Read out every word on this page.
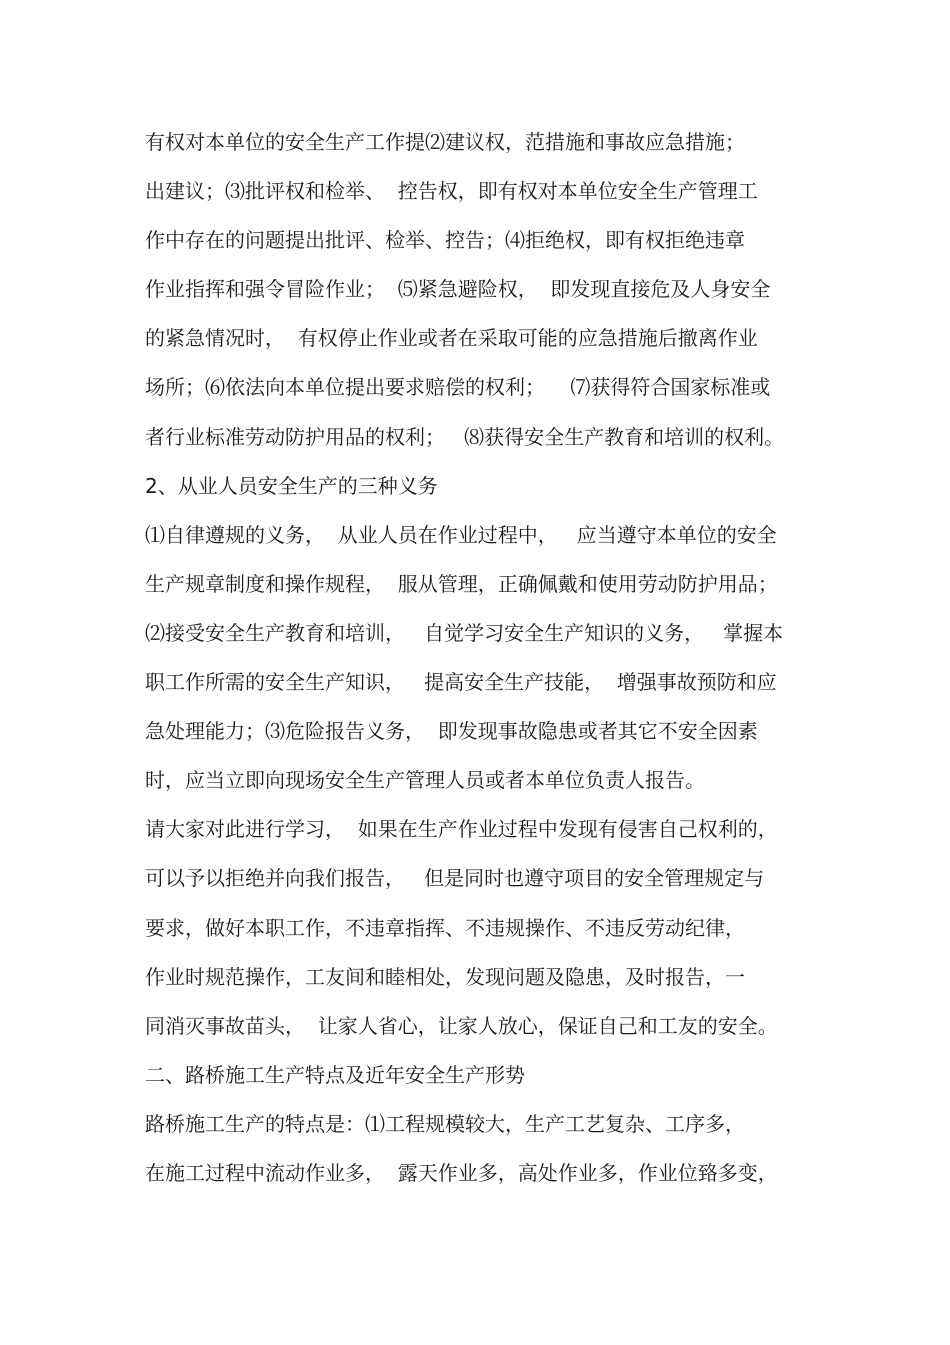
有权对本单位的安全生产工作提⑵建议权，范措施和事故应急措施；
出建议；⑶批评权和检举、  控告权，即有权对本单位安全生产管理工
作中存在的问题提出批评、检举、控告；⑷拒绝权，即有权拒绝违章
作业指挥和强令冒险作业；  ⑸紧急避险权，  即发现直接危及人身安全
的紧急情况时，  有权停止作业或者在采取可能的应急措施后撤离作业
场所；⑹依法向本单位提出要求赔偿的权利；    ⑺获得符合国家标准或
者行业标准劳动防护用品的权利；   ⑻获得安全生产教育和培训的权利。
2、从业人员安全生产的三种义务
⑴自律遵规的义务，  从业人员在作业过程中，   应当遵守本单位的安全
生产规章制度和操作规程，  服从管理，正确佩戴和使用劳动防护用品；
⑵接受安全生产教育和培训，   自觉学习安全生产知识的义务，   掌握本
职工作所需的安全生产知识，   提高安全生产技能，  增强事故预防和应
急处理能力；⑶危险报告义务，  即发现事故隐患或者其它不安全因素
时，应当立即向现场安全生产管理人员或者本单位负责人报告。
请大家对此进行学习，  如果在生产作业过程中发现有侵害自己权利的，
可以予以拒绝并向我们报告，   但是同时也遵守项目的安全管理规定与
要求，做好本职工作，不违章指挥、不违规操作、不违反劳动纪律，
作业时规范操作，工友间和睦相处，发现问题及隐患，及时报告，一
同消灭事故苗头，  让家人省心，让家人放心，保证自己和工友的安全。
二、路桥施工生产特点及近年安全生产形势
路桥施工生产的特点是：⑴工程规模较大，生产工艺复杂、工序多，
在施工过程中流动作业多，  露天作业多，高处作业多，作业位臵多变，
